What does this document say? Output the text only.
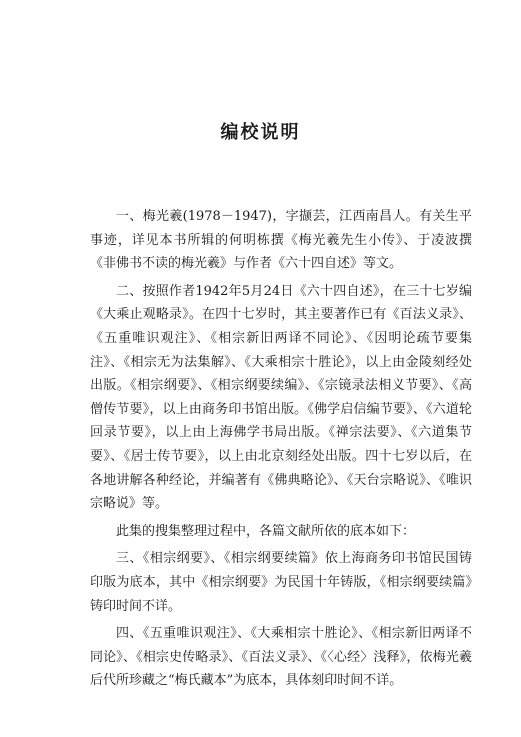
编校说明

一、梅光羲(1978－1947)，字撷芸，江西南昌人。有关生平事迹，详见本书所辑的何明栋撰《梅光羲先生小传》、于凌波撰《非佛书不读的梅光羲》与作者《六十四自述》等文。

二、按照作者1942年5月24日《六十四自述》，在三十七岁编《大乘止观略录》。在四十七岁时，其主要著作已有《百法义录》、《五重唯识观注》、《相宗新旧两译不同论》、《因明论疏节要集注》、《相宗无为法集解》、《大乘相宗十胜论》，以上由金陵刻经处出版。《相宗纲要》、《相宗纲要续编》、《宗镜录法相义节要》、《高僧传节要》，以上由商务印书馆出版。《佛学启信编节要》、《六道轮回录节要》，以上由上海佛学书局出版。《禅宗法要》、《六道集节要》、《居士传节要》，以上由北京刻经处出版。四十七岁以后，在各地讲解各种经论，并编著有《佛典略论》、《天台宗略说》、《唯识宗略说》等。

此集的搜集整理过程中，各篇文献所依的底本如下：

三、《相宗纲要》、《相宗纲要续篇》依上海商务印书馆民国铸印版为底本，其中《相宗纲要》为民国十年铸版，《相宗纲要续篇》铸印时间不详。

四、《五重唯识观注》、《大乘相宗十胜论》、《相宗新旧两译不同论》、《相宗史传略录》、《百法义录》、《〈心经〉浅释》，依梅光羲后代所珍藏之“梅氏藏本”为底本，具体刻印时间不详。
